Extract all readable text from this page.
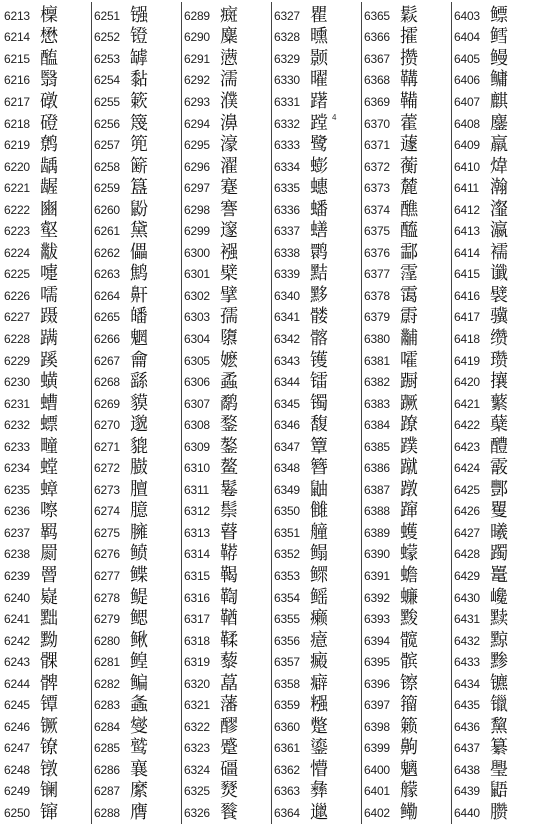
6213 檁
6214 懋
6215 醢
6216 翳
6217 礅
6218 磴
6219 鹩
6220 龋
6221 龌
6222 豳
6223 壑
6224 黻
6225 嚏
6226 嚅
6227 蹑
6228 蹒
6229 蹊
6230 蟥
6231 螬
6232 螵
6233 疃
6234 螳
6235 蟑
6236 嚓
6237 羁
6238 罽
6239 罾
6240 嶷
6241 黜
6242 黝
6243 髁
6244 髀
6245 镡
6246 镢
6247 镣
6248 镦
6249 镧
6250 镩
6251 镪
6252 镫
6253 罅
6254 黏
6255 簌
6256 篾
6257 篼
6258 簖
6259 簋
6260 鼢
6261 黛
6262 儡
6263 鹪
6264 鼾
6265 皤
6266 魍
6267 龠
6268 繇
6269 貘
6270 邈
6271 貔
6272 臌
6273 膻
6274 臆
6275 臃
6276 鲼
6277 鲽
6278 鳀
6279 鳃
6280 鳅
6281 鳇
6282 鳊
6283 螽
6284 燮
6285 鹫
6286 襄
6287 縻
6288 膺
6289 癍
6290 麋
6291 懑
6292 濡
6293 濮
6294 濞
6295 濠
6296 濯
6297 蹇
6298 謇
6299 邃
6300 襁
6301 檗
6302 擘
6303 孺
6304 隳
6305 嬷
6306 蟊
6307 鹬
6308 鍪
6309 鏊
6310 鳌
6311 鬈
6312 鬃
6313 瞽
6314 鞯
6315 鞨
6316 鞫
6317 鞧
6318 鞣
6319 藜
6320 藠
6321 藩
6322 醪
6323 蹙
6324 礓
6325 燹
6326 餮
6327 瞿
6328 曛
6329 颢
6330 曜
6331 躇
6332 蹚 4
6333 鹭
6334 蟛
6335 蟪
6336 蟠
6337 蟮
6338 鹮
6339 黠
6340 黟
6341 髅
6342 髂
6343 镬
6344 镭
6345 镯
6346 馥
6347 簟
6348 簪
6349 鼬
6350 雠
6351 艟
6352 鳎
6353 鳏
6354 鳐
6355 癞
6356 癔
6357 癜
6358 癖
6359 糨
6360 蹩
6361 鎏
6362 懵
6363 彝
6364 邋
6365 鬏
6366 攉
6367 攒
6368 鞲
6369 鞴
6370 藿
6371 蘧
6372 蘅
6373 麓
6374 醮
6375 醯
6376 酃
6377 霪
6378 霭
6379 霨
6380 黼
6381 嚯
6382 蹰
6383 蹶
6384 蹽
6385 蹼
6386 蹴
6387 蹾
6388 蹿
6389 蠖
6390 蠓
6391 蟾
6392 蠊
6393 黢
6394 髋
6395 髌
6396 镲
6397 籀
6398 籁
6399 齁
6400 魑
6401 艨
6402 鳓
6403 鳔
6404 鳕
6405 鳗
6406 鳙
6407 麒
6408 鏖
6409 羸
6410 煒
6411 瀚
6412 瀣
6413 瀛
6414 襦
6415 谶
6416 襞
6417 骥
6418 缵
6419 瓒
6420 攘
6421 蘩
6422 蘖
6423 醴
6424 霰
6425 酆
6426 矍
6427 曦
6428 躅
6429 鼍
6430 巉
6431 黩
6432 黥
6433 黪
6434 镳
6435 镴
6436 黧
6437 纂
6438 璺
6439 鼯
6440 臜
